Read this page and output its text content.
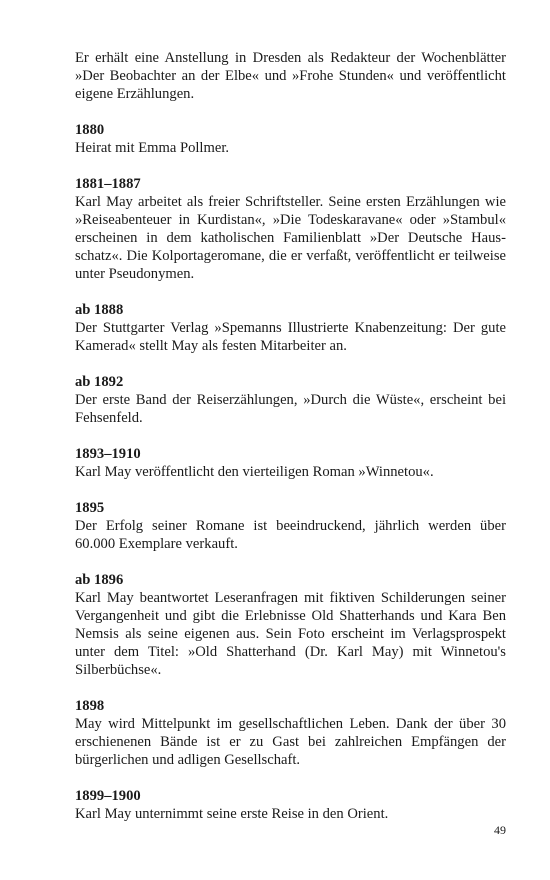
Er erhält eine Anstellung in Dresden als Redakteur der Wochenblätter »Der Beobachter an der Elbe« und »Frohe Stunden« und veröffentlicht eigene Erzählungen.

1880

Heirat mit Emma Pollmer.

1881–1887

Karl May arbeitet als freier Schriftsteller. Seine ersten Erzählungen wie »Reiseabenteuer in Kurdistan«, »Die Todeskaravane« oder »Stambul« erscheinen in dem katholischen Familienblatt »Der Deutsche Hausschatz«. Die Kolportageromane, die er verfaßt, veröffentlicht er teilweise unter Pseudonymen.

ab 1888

Der Stuttgarter Verlag »Spemanns Illustrierte Knabenzeitung: Der gute Kamerad« stellt May als festen Mitarbeiter an.

ab 1892

Der erste Band der Reiserzählungen, »Durch die Wüste«, erscheint bei Fehsenfeld.

1893–1910

Karl May veröffentlicht den vierteiligen Roman »Winnetou«.

1895

Der Erfolg seiner Romane ist beeindruckend, jährlich werden über 60.000 Exemplare verkauft.

ab 1896

Karl May beantwortet Leseranfragen mit fiktiven Schilderungen seiner Vergangenheit und gibt die Erlebnisse Old Shatterhands und Kara Ben Nemsis als seine eigenen aus. Sein Foto erscheint im Verlagsprospekt unter dem Titel: »Old Shatterhand (Dr. Karl May) mit Winnetou's Silberbüchse«.

1898

May wird Mittelpunkt im gesellschaftlichen Leben. Dank der über 30 erschienenen Bände ist er zu Gast bei zahlreichen Empfängen der bürgerlichen und adligen Gesellschaft.

1899–1900

Karl May unternimmt seine erste Reise in den Orient.

49
